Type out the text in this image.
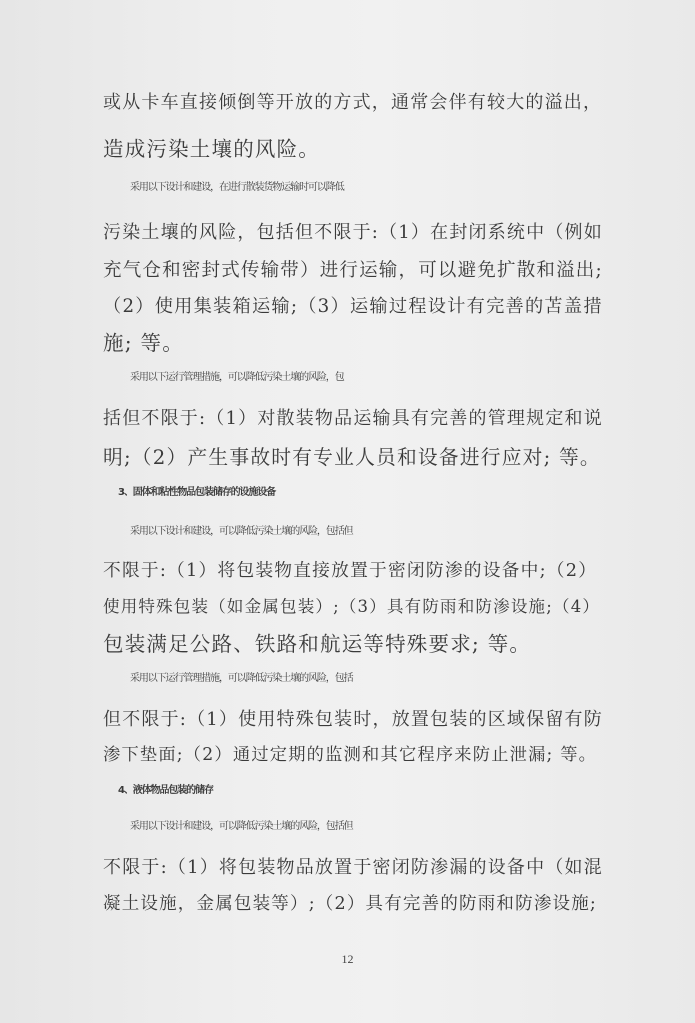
或从卡车直接倾倒等开放的方式，通常会伴有较大的溢出，
造成污染土壤的风险。
采用以下设计和建设，在进行散装货物运输时可以降低
污染土壤的风险，包括但不限于:（1）在封闭系统中（例如
充气仓和密封式传输带）进行运输，可以避免扩散和溢出;
（2）使用集装箱运输;（3）运输过程设计有完善的苫盖措
施; 等。
采用以下运行管理措施，可以降低污染土壤的风险，包
括但不限于:（1）对散装物品运输具有完善的管理规定和说
明;（2）产生事故时有专业人员和设备进行应对; 等。
3、固体和粘性物品包装储存的设施设备
采用以下设计和建设，可以降低污染土壤的风险，包括但
不限于:（1）将包装物直接放置于密闭防渗的设备中;（2）
使用特殊包装（如金属包装）;（3）具有防雨和防渗设施;（4）
包装满足公路、铁路和航运等特殊要求; 等。
采用以下运行管理措施，可以降低污染土壤的风险，包括
但不限于:（1）使用特殊包装时，放置包装的区域保留有防
渗下垫面;（2）通过定期的监测和其它程序来防止泄漏; 等。
4、液体物品包装的储存
采用以下设计和建设，可以降低污染土壤的风险，包括但
不限于:（1）将包装物品放置于密闭防渗漏的设备中（如混
凝土设施，金属包装等）;（2）具有完善的防雨和防渗设施;
12
